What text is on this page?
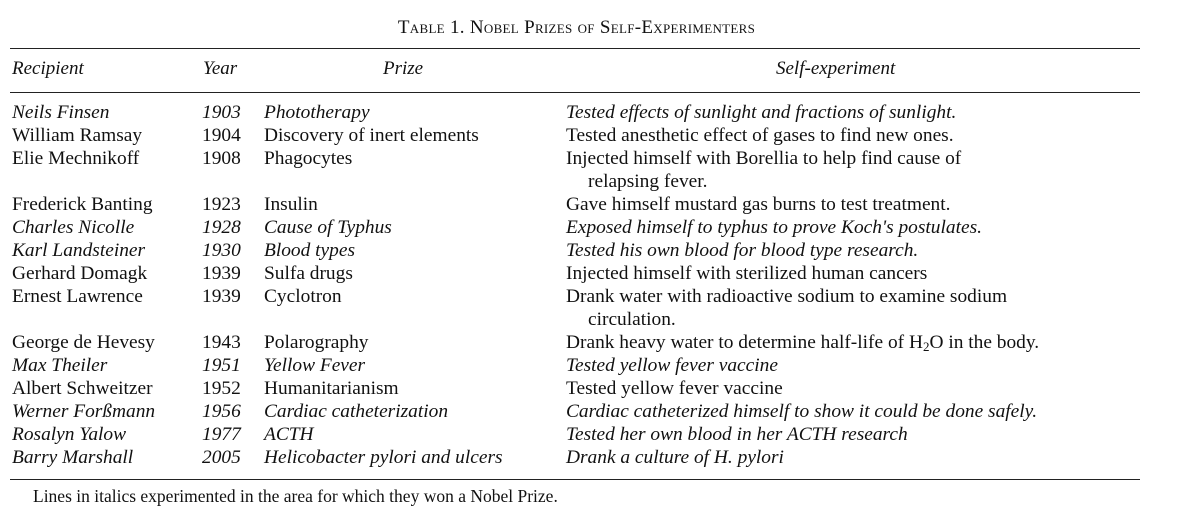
Table 1. Nobel Prizes of Self-Experimenters
Recipient	Year	Prize	Self-experiment
Neils Finsen	1903 Phototherapy	Tested effects of sunlight and fractions of sunlight.
William Ramsay	1904 Discovery of inert elements	Tested anesthetic effect of gases to find new ones.
Elie Mechnikoff	1908 Phagocytes	Injected himself with Borellia to help find cause of
relapsing fever.
Frederick Banting	1923 Insulin	Gave himself mustard gas burns to test treatment.
Charles Nicolle	1928 Cause of Typhus	Exposed himself to typhus to prove Koch's postulates.
Karl Landsteiner	1930 Blood types	Tested his own blood for blood type research.
Gerhard Domagk	1939 Sulfa drugs	Injected himself with sterilized human cancers
Ernest Lawrence	1939 Cyclotron	Drank water with radioactive sodium to examine sodium
circulation.
George de Hevesy 1943 Polarography	Drank heavy water to determine half-life of $H_2O$ in the body.
Max Theiler	1951 Yellow Fever	Tested yellow fever vaccine
Albert Schweitzer	1952 Humanitarianism	Tested yellow fever vaccine
Werner Forßmann 1956 Cardiac catheterization	Cardiac catheterized himself to show it could be done safely.
Rosalyn Yalow	1977 ACTH	Tested her own blood in her ACTH research
Barry Marshall	2005 Helicobacter pylori and ulcers	Drank a culture of H. pylori
Lines in italics experimented in the area for which they won a Nobel Prize.
